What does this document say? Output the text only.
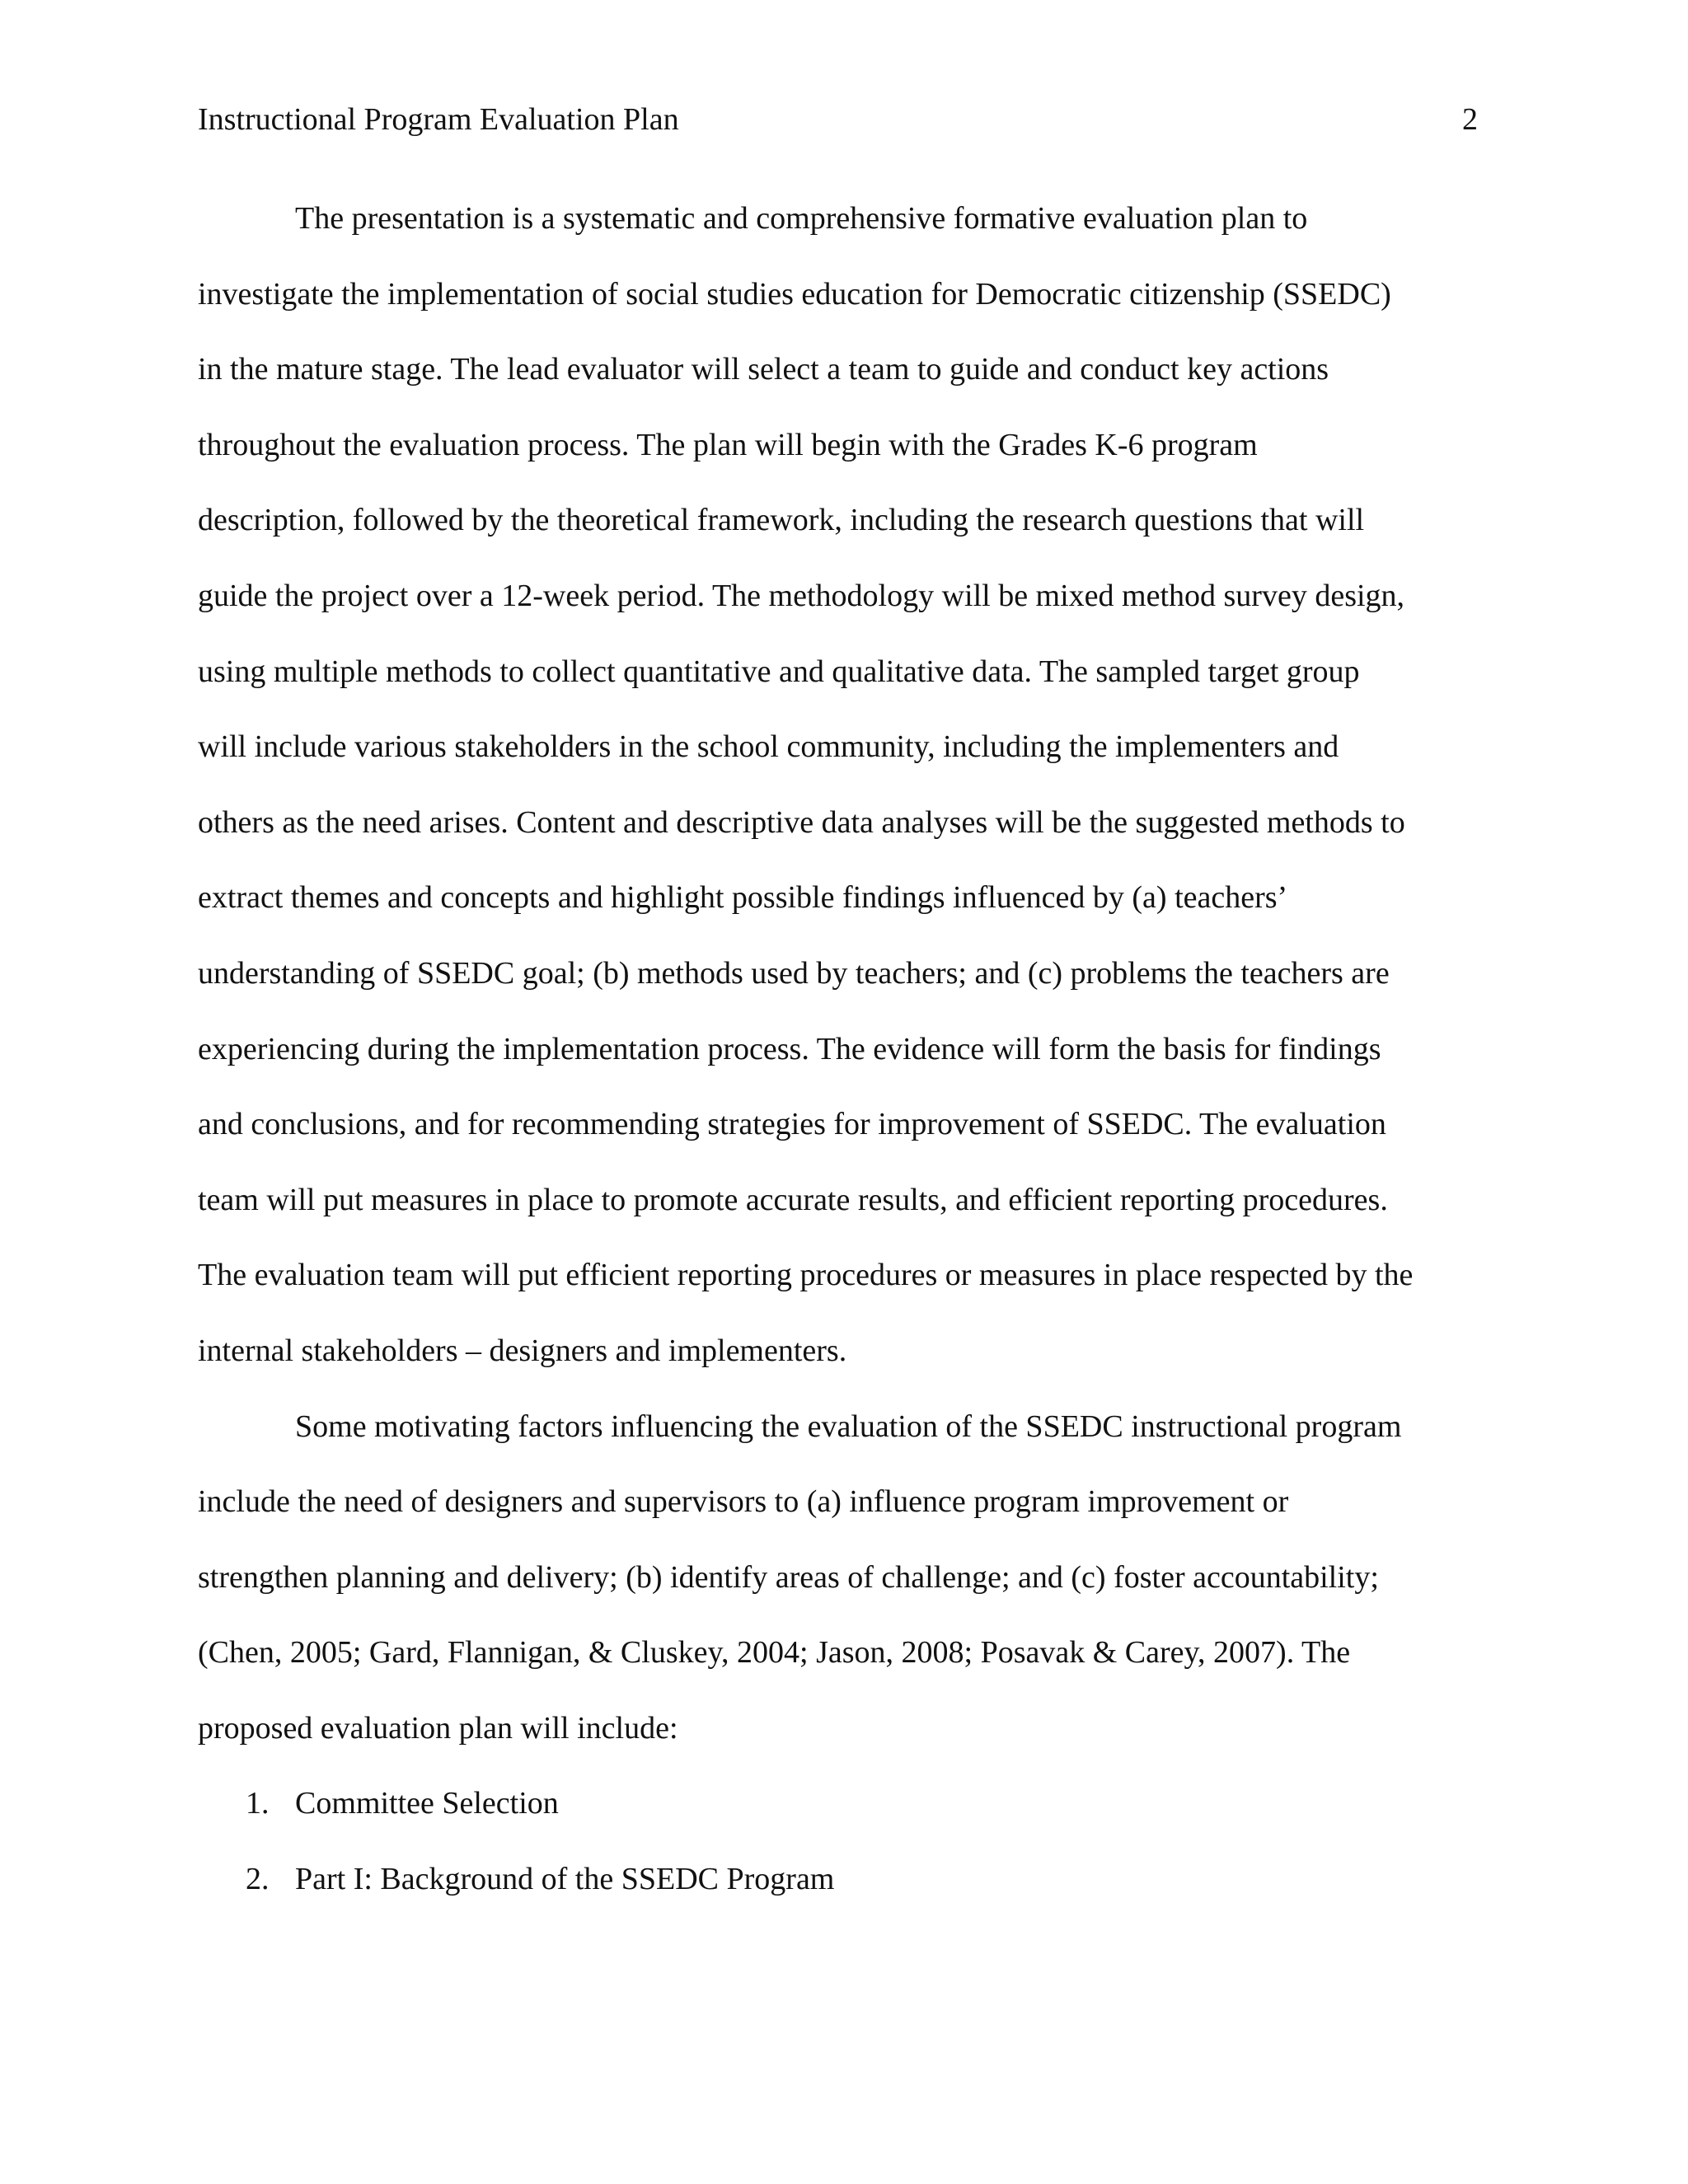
Instructional Program Evaluation Plan	2
The presentation is a systematic and comprehensive formative evaluation plan to
investigate the implementation of social studies education for Democratic citizenship (SSEDC)
in the mature stage. The lead evaluator will select a team to guide and conduct key actions
throughout the evaluation process. The plan will begin with the Grades K-6 program
description, followed by the theoretical framework, including the research questions that will
guide the project over a 12-week period. The methodology will be mixed method survey design,
using multiple methods to collect quantitative and qualitative data. The sampled target group
will include various stakeholders in the school community, including the implementers and
others as the need arises. Content and descriptive data analyses will be the suggested methods to
extract themes and concepts and highlight possible findings influenced by (a) teachers’
understanding of SSEDC goal; (b) methods used by teachers; and (c) problems the teachers are
experiencing during the implementation process. The evidence will form the basis for findings
and conclusions, and for recommending strategies for improvement of SSEDC. The evaluation
team will put measures in place to promote accurate results, and efficient reporting procedures.
The evaluation team will put efficient reporting procedures or measures in place respected by the
internal stakeholders – designers and implementers.
Some motivating factors influencing the evaluation of the SSEDC instructional program
include the need of designers and supervisors to (a) influence program improvement or
strengthen planning and delivery; (b) identify areas of challenge; and (c) foster accountability;
(Chen, 2005; Gard, Flannigan, & Cluskey, 2004; Jason, 2008; Posavak & Carey, 2007). The
proposed evaluation plan will include:
1. Committee Selection
2. Part I: Background of the SSEDC Program
